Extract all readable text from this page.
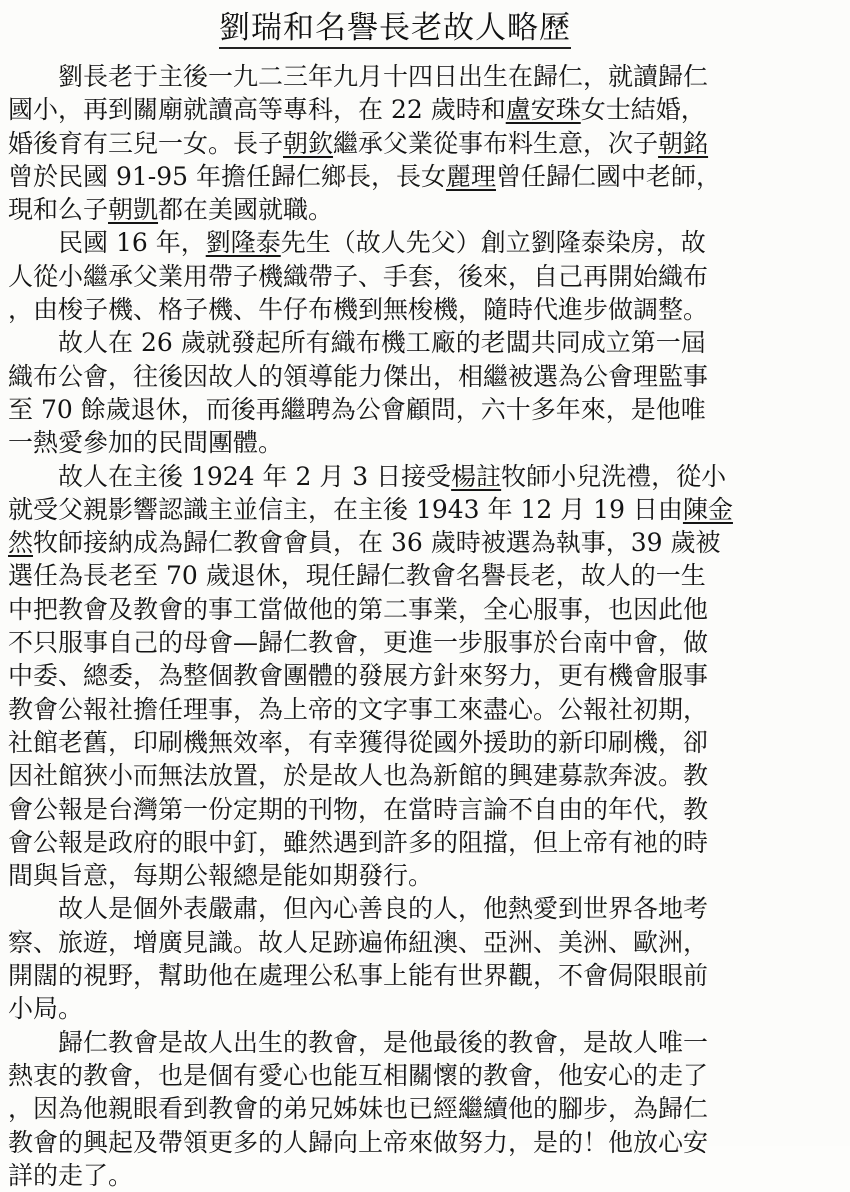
劉瑞和名譽長老故人略歷
　　劉長老于主後一九二三年九月十四日出生在歸仁，就讀歸仁
國小，再到關廟就讀高等專科，在 22 歲時和盧安珠女士結婚，
婚後育有三兒一女。長子朝欽繼承父業從事布料生意，次子朝銘
曾於民國 91-95 年擔任歸仁鄉長，長女麗理曾任歸仁國中老師，
現和么子朝凱都在美國就職。
　　民國 16 年，劉隆泰先生（故人先父）創立劉隆泰染房，故
人從小繼承父業用帶子機織帶子、手套，後來，自己再開始織布
，由梭子機、格子機、牛仔布機到無梭機，隨時代進步做調整。
　　故人在 26 歲就發起所有織布機工廠的老闆共同成立第一屆
織布公會，往後因故人的領導能力傑出，相繼被選為公會理監事
至 70 餘歲退休，而後再繼聘為公會顧問，六十多年來，是他唯
一熱愛參加的民間團體。
　　故人在主後 1924 年 2 月 3 日接受楊註牧師小兒洗禮，從小
就受父親影響認識主並信主，在主後 1943 年 12 月 19 日由陳金
然牧師接納成為歸仁教會會員，在 36 歲時被選為執事，39 歲被
選任為長老至 70 歲退休，現任歸仁教會名譽長老，故人的一生
中把教會及教會的事工當做他的第二事業，全心服事，也因此他
不只服事自己的母會—歸仁教會，更進一步服事於台南中會，做
中委、總委，為整個教會團體的發展方針來努力，更有機會服事
教會公報社擔任理事，為上帝的文字事工來盡心。公報社初期，
社館老舊，印刷機無效率，有幸獲得從國外援助的新印刷機，卻
因社館狹小而無法放置，於是故人也為新館的興建募款奔波。教
會公報是台灣第一份定期的刊物，在當時言論不自由的年代，教
會公報是政府的眼中釘，雖然遇到許多的阻擋，但上帝有祂的時
間與旨意，每期公報總是能如期發行。
　　故人是個外表嚴肅，但內心善良的人，他熱愛到世界各地考
察、旅遊，增廣見識。故人足跡遍佈紐澳、亞洲、美洲、歐洲，
開闊的視野，幫助他在處理公私事上能有世界觀，不會侷限眼前
小局。
　　歸仁教會是故人出生的教會，是他最後的教會，是故人唯一
熱衷的教會，也是個有愛心也能互相關懷的教會，他安心的走了
，因為他親眼看到教會的弟兄姊妹也已經繼續他的腳步，為歸仁
教會的興起及帶領更多的人歸向上帝來做努力，是的！他放心安
詳的走了。
